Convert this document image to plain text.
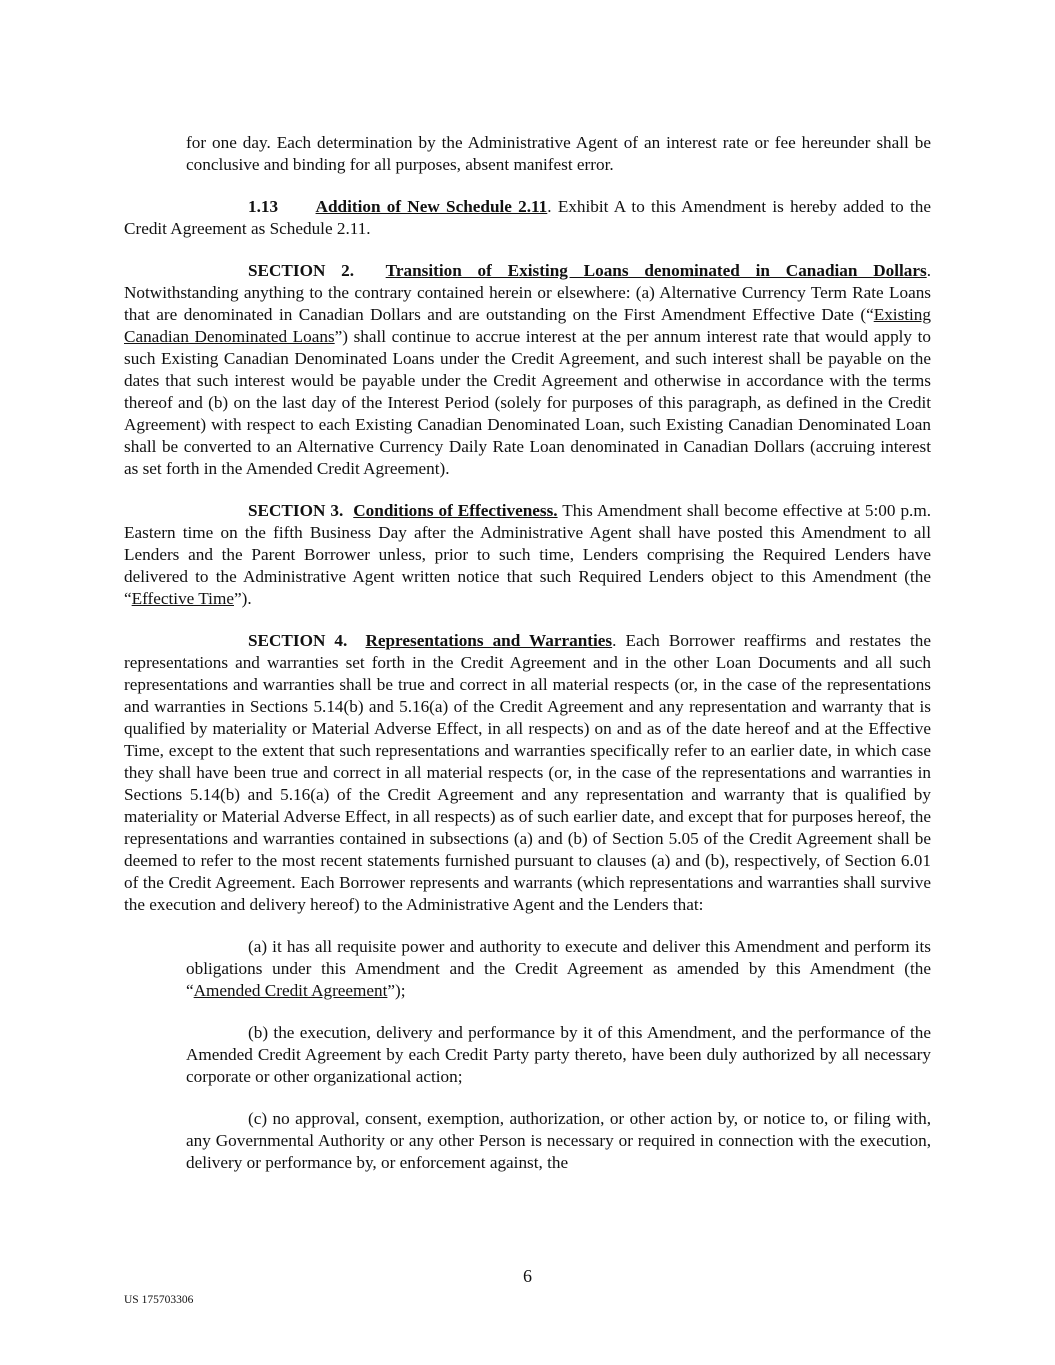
for one day. Each determination by the Administrative Agent of an interest rate or fee hereunder shall be conclusive and binding for all purposes, absent manifest error.

1.13 Addition of New Schedule 2.11. Exhibit A to this Amendment is hereby added to the Credit Agreement as Schedule 2.11.

SECTION 2. Transition of Existing Loans denominated in Canadian Dollars. Notwithstanding anything to the contrary contained herein or elsewhere: (a) Alternative Currency Term Rate Loans that are denominated in Canadian Dollars and are outstanding on the First Amendment Effective Date (“Existing Canadian Denominated Loans”) shall continue to accrue interest at the per annum interest rate that would apply to such Existing Canadian Denominated Loans under the Credit Agreement, and such interest shall be payable on the dates that such interest would be payable under the Credit Agreement and otherwise in accordance with the terms thereof and (b) on the last day of the Interest Period (solely for purposes of this paragraph, as defined in the Credit Agreement) with respect to each Existing Canadian Denominated Loan, such Existing Canadian Denominated Loan shall be converted to an Alternative Currency Daily Rate Loan denominated in Canadian Dollars (accruing interest as set forth in the Amended Credit Agreement).

SECTION 3. Conditions of Effectiveness. This Amendment shall become effective at 5:00 p.m. Eastern time on the fifth Business Day after the Administrative Agent shall have posted this Amendment to all Lenders and the Parent Borrower unless, prior to such time, Lenders comprising the Required Lenders have delivered to the Administrative Agent written notice that such Required Lenders object to this Amendment (the “Effective Time”).

SECTION 4. Representations and Warranties. Each Borrower reaffirms and restates the representations and warranties set forth in the Credit Agreement and in the other Loan Documents and all such representations and warranties shall be true and correct in all material respects (or, in the case of the representations and warranties in Sections 5.14(b) and 5.16(a) of the Credit Agreement and any representation and warranty that is qualified by materiality or Material Adverse Effect, in all respects) on and as of the date hereof and at the Effective Time, except to the extent that such representations and warranties specifically refer to an earlier date, in which case they shall have been true and correct in all material respects (or, in the case of the representations and warranties in Sections 5.14(b) and 5.16(a) of the Credit Agreement and any representation and warranty that is qualified by materiality or Material Adverse Effect, in all respects) as of such earlier date, and except that for purposes hereof, the representations and warranties contained in subsections (a) and (b) of Section 5.05 of the Credit Agreement shall be deemed to refer to the most recent statements furnished pursuant to clauses (a) and (b), respectively, of Section 6.01 of the Credit Agreement. Each Borrower represents and warrants (which representations and warranties shall survive the execution and delivery hereof) to the Administrative Agent and the Lenders that:

(a) it has all requisite power and authority to execute and deliver this Amendment and perform its obligations under this Amendment and the Credit Agreement as amended by this Amendment (the “Amended Credit Agreement”);

(b) the execution, delivery and performance by it of this Amendment, and the performance of the Amended Credit Agreement by each Credit Party party thereto, have been duly authorized by all necessary corporate or other organizational action;

(c) no approval, consent, exemption, authorization, or other action by, or notice to, or filing with, any Governmental Authority or any other Person is necessary or required in connection with the execution, delivery or performance by, or enforcement against, the

6
US 175703306
